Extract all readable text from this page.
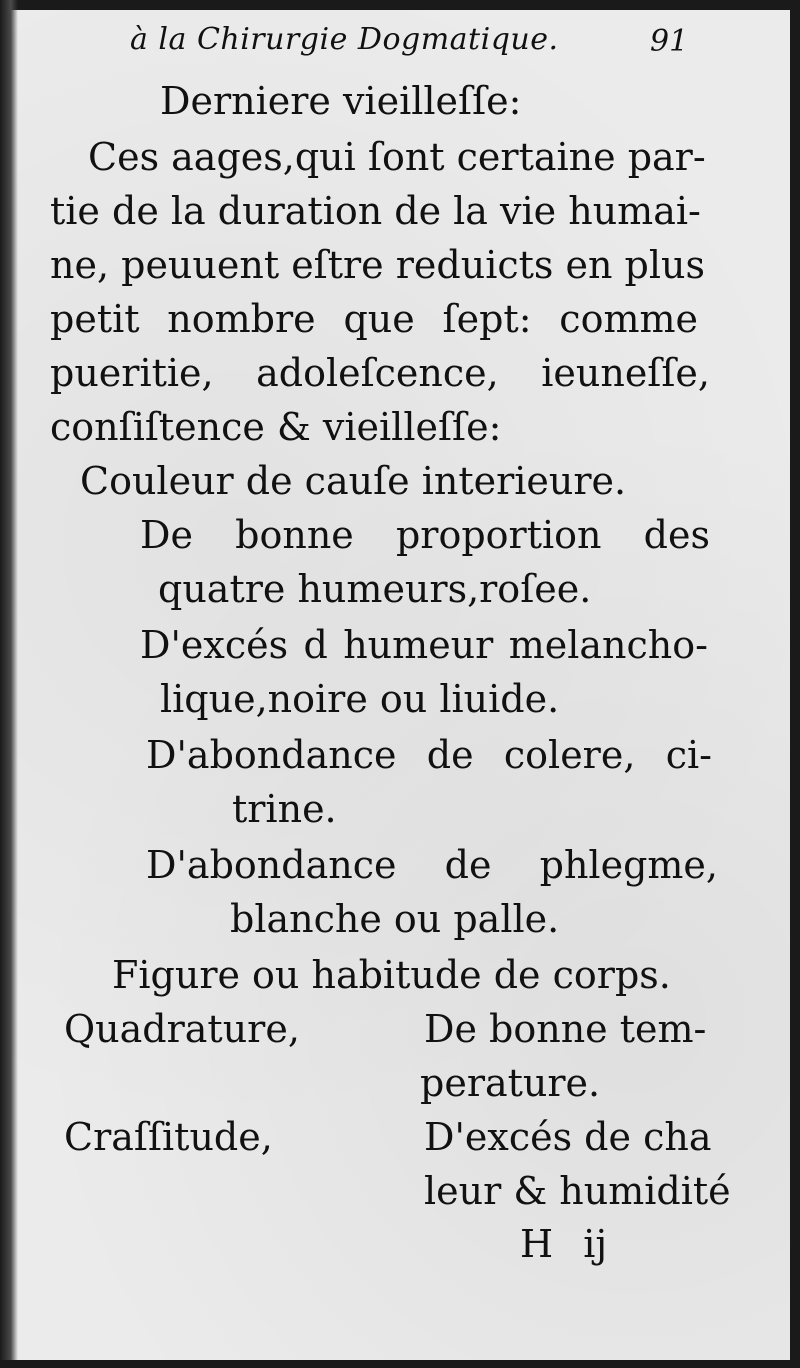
à la Chirurgie Dogmatique.	91
Derniere vieilleſſe:
Ces aages,qui ſont certaine par-
tie de la duration de la vie humai-
ne, peuuent eſtre reduicts en plus
petit nombre que ſept: comme
pueritie, adoleſcence, ieuneſſe,
conſiſtence & vieilleſſe:
Couleur de cauſe interieure.
De bonne proportion des
quatre humeurs,roſee.
D'excés d humeur melancho-
lique,noire ou liuide.
D'abondance de colere, ci-
trine.
D'abondance de phlegme,
blanche ou palle.
Figure ou habitude de corps.
Quadrature,	De bonne tem-
perature.
Craſſitude,	D'excés de cha
leur & humidité
H ij
